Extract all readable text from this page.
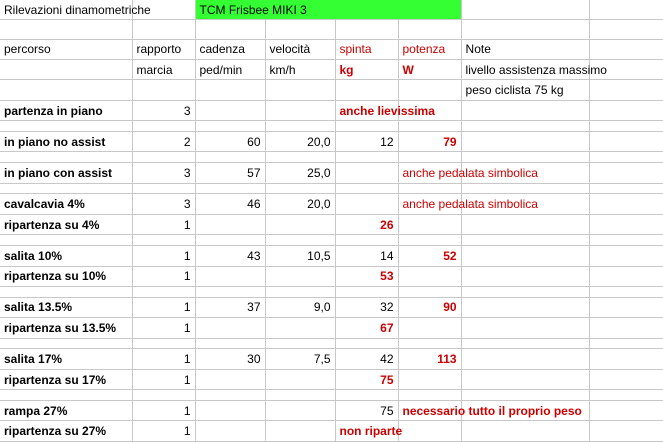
Rilevazioni dinamometriche		TCM Frisbee MIKI 3					

percorso	rapporto	cadenza	velocità	spinta	potenza	Note	
	marcia	ped/min	km/h	kg	W	livello assistenza massimo	
						peso ciclista 75 kg	
partenza in piano	3			anche lievissima			

in piano no assist	2	60	20,0	12	79		

in piano con assist	3	57	25,0		anche pedalata simbolica		

cavalcavia 4%	3	46	20,0		anche pedalata simbolica		
ripartenza su 4%	1			26			

salita 10%	1	43	10,5	14	52		
ripartenza su 10%	1			53			

salita 13.5%	1	37	9,0	32	90		
ripartenza su 13.5%	1			67			

salita 17%	1	30	7,5	42	113		
ripartenza su 17%	1			75			

rampa 27%	1			75	necessario tutto il proprio peso		
ripartenza su 27%	1			non riparte			
